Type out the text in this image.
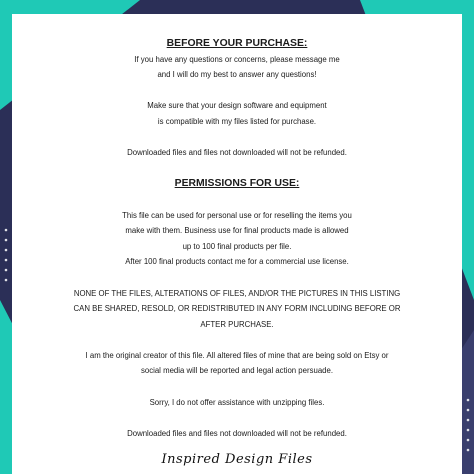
BEFORE YOUR PURCHASE:
If you have any questions or concerns, please message me
and I will do my best to answer any questions!
Make sure that your design software and equipment
is compatible with my files listed for purchase.
Downloaded files and files not downloaded will not be refunded.
PERMISSIONS FOR USE:
This file can be used for personal use or for reselling the items you
make with them. Business use for final products made is allowed
up to 100 final products per file.
After 100 final products contact me for a commercial use license.
NONE OF THE FILES, ALTERATIONS OF FILES, AND/OR THE PICTURES IN THIS LISTING
CAN BE SHARED, RESOLD, OR REDISTRIBUTED IN ANY FORM INCLUDING BEFORE OR
AFTER PURCHASE.
I am the original creator of this file. All altered files of mine that are being sold on Etsy or
social media will be reported and legal action persuade.
Sorry, I do not offer assistance with unzipping files.
Downloaded files and files not downloaded will not be refunded.
Inspired Design Files
